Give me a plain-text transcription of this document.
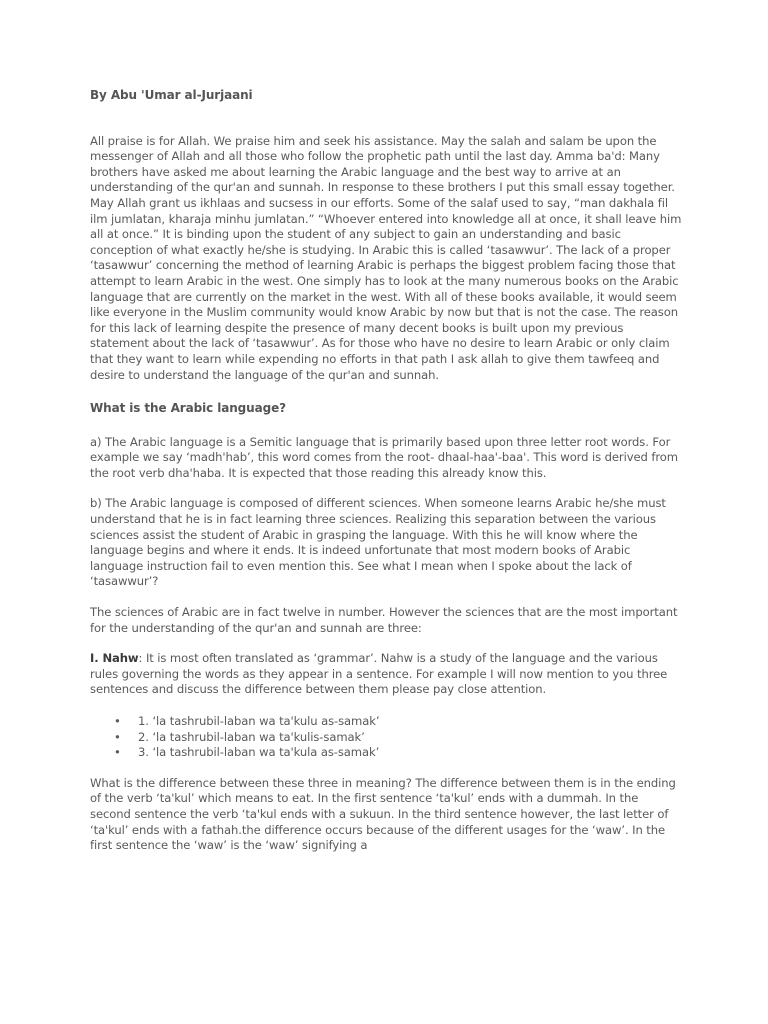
By Abu 'Umar al-Jurjaani

All praise is for Allah. We praise him and seek his assistance. May the salah and salam be upon the messenger of Allah and all those who follow the prophetic path until the last day. Amma ba'd: Many brothers have asked me about learning the Arabic language and the best way to arrive at an understanding of the qur'an and sunnah. In response to these brothers I put this small essay together. May Allah grant us ikhlaas and sucsess in our efforts. Some of the salaf used to say, “man dakhala fil ilm jumlatan, kharaja minhu jumlatan.” “Whoever entered into knowledge all at once, it shall leave him all at once.” It is binding upon the student of any subject to gain an understanding and basic conception of what exactly he/she is studying. In Arabic this is called ‘tasawwur’. The lack of a proper ‘tasawwur’ concerning the method of learning Arabic is perhaps the biggest problem facing those that attempt to learn Arabic in the west. One simply has to look at the many numerous books on the Arabic language that are currently on the market in the west. With all of these books available, it would seem like everyone in the Muslim community would know Arabic by now but that is not the case. The reason for this lack of learning despite the presence of many decent books is built upon my previous statement about the lack of ‘tasawwur’. As for those who have no desire to learn Arabic or only claim that they want to learn while expending no efforts in that path I ask allah to give them tawfeeq and desire to understand the language of the qur'an and sunnah.

What is the Arabic language?

a) The Arabic language is a Semitic language that is primarily based upon three letter root words. For example we say ‘madh'hab’, this word comes from the root- dhaal-haa'-baa'. This word is derived from the root verb dha'haba. It is expected that those reading this already know this.

b) The Arabic language is composed of different sciences. When someone learns Arabic he/she must understand that he is in fact learning three sciences. Realizing this separation between the various sciences assist the student of Arabic in grasping the language. With this he will know where the language begins and where it ends. It is indeed unfortunate that most modern books of Arabic language instruction fail to even mention this. See what I mean when I spoke about the lack of ‘tasawwur’?

The sciences of Arabic are in fact twelve in number. However the sciences that are the most important for the understanding of the qur'an and sunnah are three:

I. Nahw: It is most often translated as ‘grammar’. Nahw is a study of the language and the various rules governing the words as they appear in a sentence. For example I will now mention to you three sentences and discuss the difference between them please pay close attention.

• 1. ‘la tashrubil-laban wa ta'kulu as-samak’
• 2. ‘la tashrubil-laban wa ta'kulis-samak’
• 3. ‘la tashrubil-laban wa ta'kula as-samak’

What is the difference between these three in meaning? The difference between them is in the ending of the verb ‘ta'kul’ which means to eat. In the first sentence ‘ta'kul’ ends with a dummah. In the second sentence the verb ‘ta'kul ends with a sukuun. In the third sentence however, the last letter of ‘ta'kul’ ends with a fathah.the difference occurs because of the different usages for the ‘waw’. In the first sentence the ‘waw’ is the ‘waw’ signifying a
